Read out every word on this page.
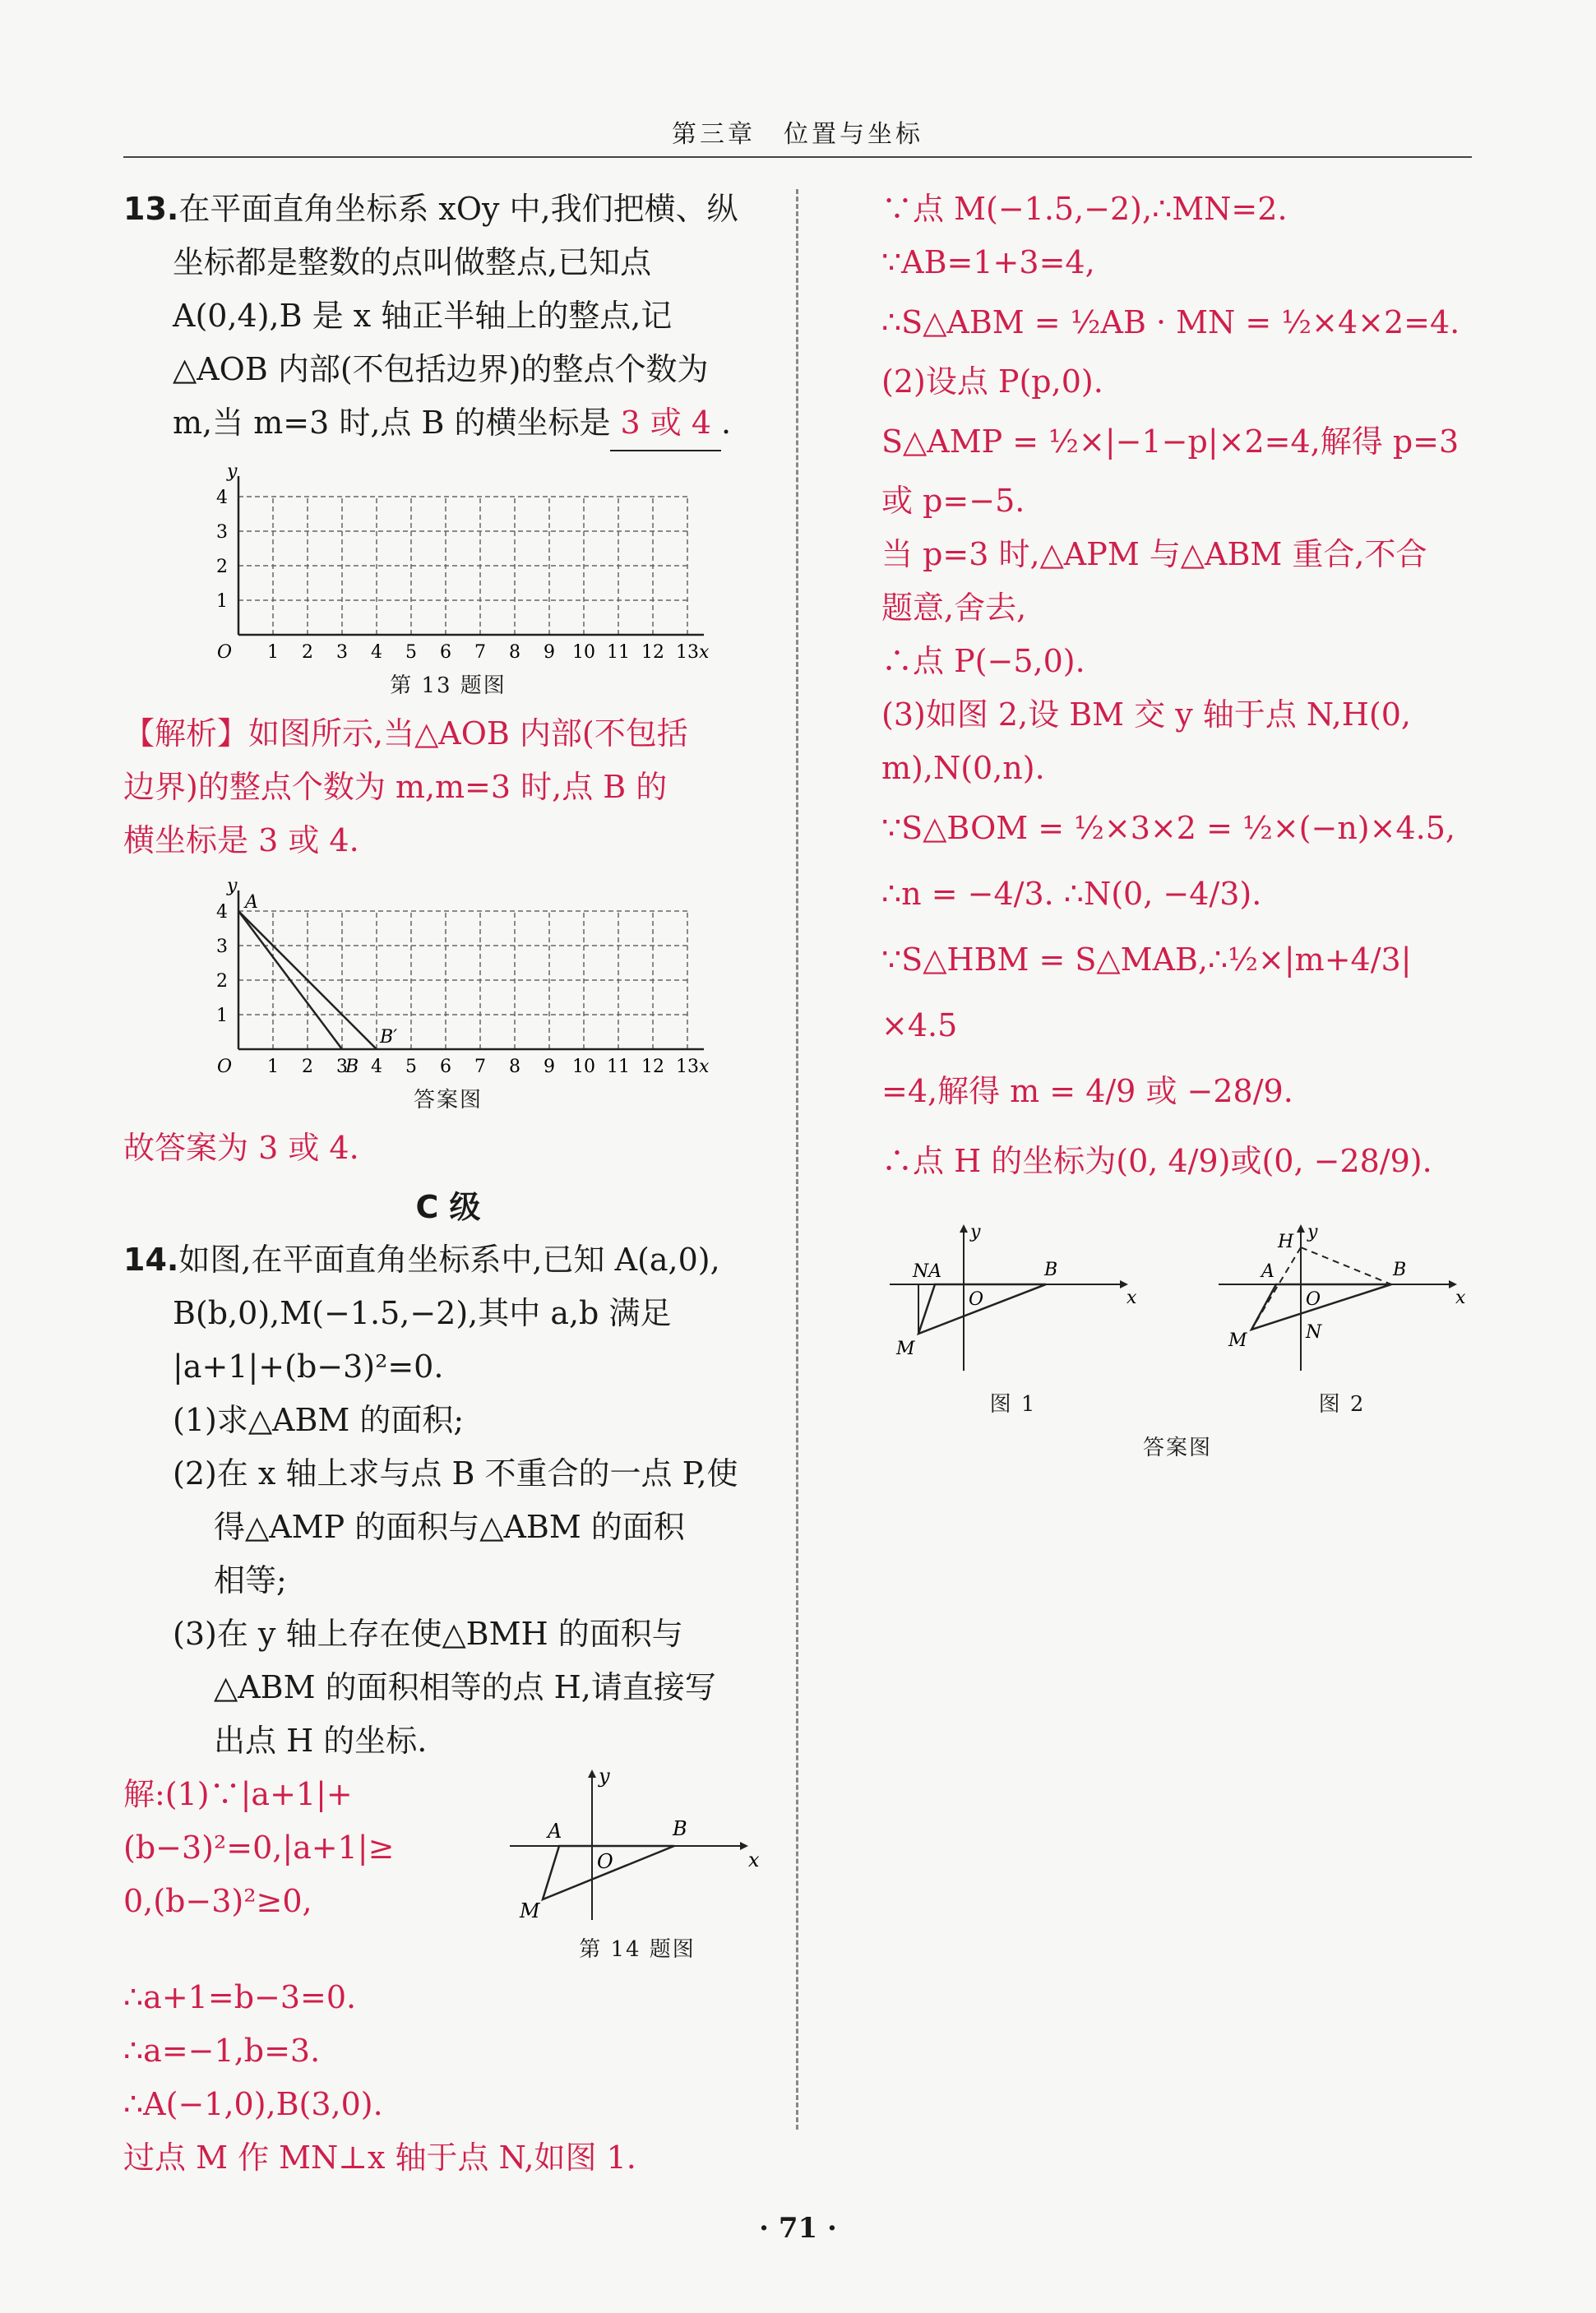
第三章　位置与坐标

13.在平面直角坐标系 xOy 中,我们把横、纵

坐标都是整数的点叫做整点,已知点

A(0,4),B 是 x 轴正半轴上的整点,记

△AOB 内部(不包括边界)的整点个数为

m,当 m=3 时,点 B 的横坐标是 3 或 4 .

y
x
O 1 2 3 4 5 6 7 8 9 10 11 12 13
1
2
3
4
第 13 题图

【解析】如图所示,当△AOB 内部(不包括

边界)的整点个数为 m,m=3 时,点 B 的

横坐标是 3 或 4.

y
x
O 1 2 3 4 5 6 7 8 9 10 11 12 13
1
2
3
4 A
B
B′
答案图

故答案为 3 或 4.

C 级

14.如图,在平面直角坐标系中,已知 A(a,0),

B(b,0),M(−1.5,−2),其中 a,b 满足

|a+1|+(b−3)²=0.

(1)求△ABM 的面积;

(2)在 x 轴上求与点 B 不重合的一点 P,使

得△AMP 的面积与△ABM 的面积

相等;

(3)在 y 轴上存在使△BMH 的面积与

△ABM 的面积相等的点 H,请直接写

出点 H 的坐标.

解:(1)∵|a+1|+

(b−3)²=0,|a+1|≥

0,(b−3)²≥0,

y
x
O
A	B
M
第 14 题图

∴a+1=b−3=0.

∴a=−1,b=3.

∴A(−1,0),B(3,0).

过点 M 作 MN⊥x 轴于点 N,如图 1.

∵点 M(−1.5,−2),∴MN=2.

∵AB=1+3=4,

∴S△ABM = ½AB · MN = ½×4×2=4.

(2)设点 P(p,0).

S△AMP = ½×|−1−p|×2=4,解得 p=3

或 p=−5.

当 p=3 时,△APM 与△ABM 重合,不合

题意,舍去,

∴点 P(−5,0).

(3)如图 2,设 BM 交 y 轴于点 N,H(0,

m),N(0,n).

∵S△BOM = ½×3×2 = ½×(−n)×4.5,

∴n = −4/3. ∴N(0, −4/3).

∵S△HBM = S△MAB,∴½×|m+4/3|×4.5

=4,解得 m = 4/9 或 −28/9.

∴点 H 的坐标为(0, 4/9)或(0, −28/9).

y
x
O
NA	B
M
图 1
y
x
O
H
A	B
N
M
图 2
答案图
· 71 ·
